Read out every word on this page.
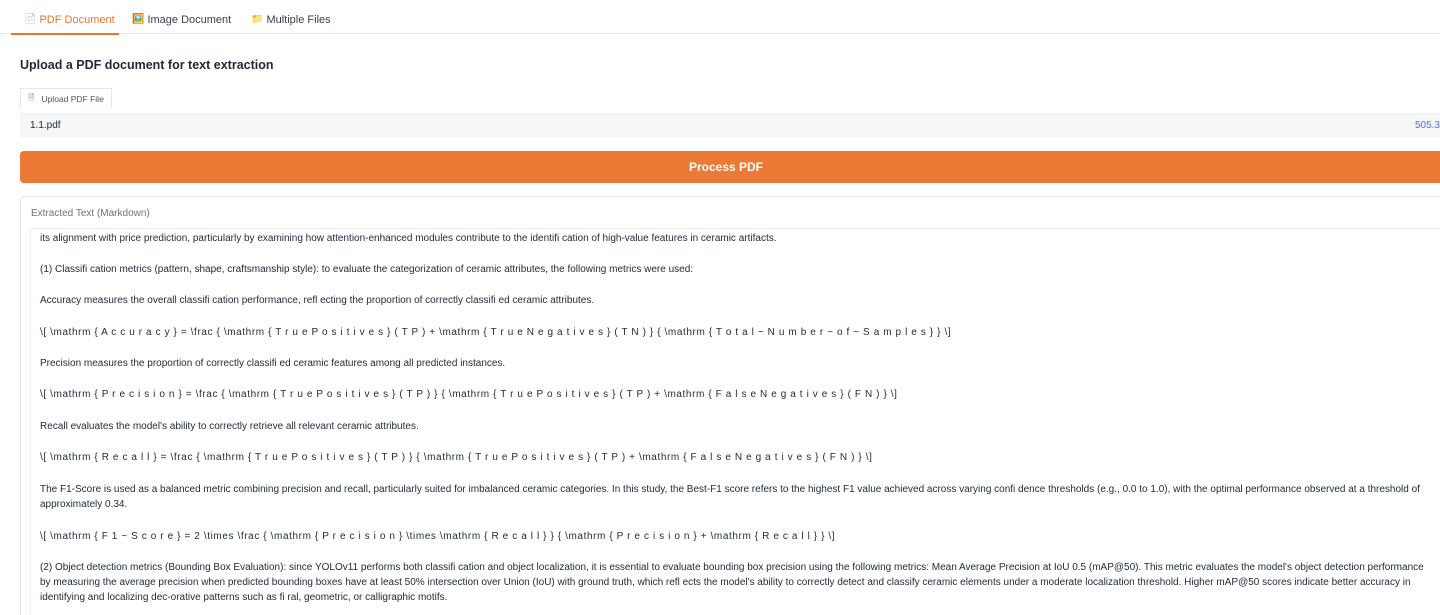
📄 PDF Document 🖼️ Image Document 📁 Multiple Files
Upload a PDF document for text extraction
🗎 Upload PDF File
1.1.pdf	505.3
Process PDF
Extracted Text (Markdown)
its alignment with price prediction, particularly by examining how attention-enhanced modules contribute to the identifi cation of high-value features in ceramic artifacts.
(1) Classifi cation metrics (pattern, shape, craftsmanship style): to evaluate the categorization of ceramic attributes, the following metrics were used:
Accuracy measures the overall classifi cation performance, refl ecting the proportion of correctly classifi ed ceramic attributes.
\[ \mathrm { A c c u r a c y } = \frac { \mathrm { T r u e P o s i t i v e s } ( T P ) + \mathrm { T r u e N e g a t i v e s } ( T N ) } { \mathrm { T o t a l ~ N u m b e r ~ o f ~ S a m p l e s } } \]
Precision measures the proportion of correctly classifi ed ceramic features among all predicted instances.
\[ \mathrm { P r e c i s i o n } = \frac { \mathrm { T r u e P o s i t i v e s } ( T P ) } { \mathrm { T r u e P o s i t i v e s } ( T P ) + \mathrm { F a l s e N e g a t i v e s } ( F N ) } \]
Recall evaluates the model's ability to correctly retrieve all relevant ceramic attributes.
\[ \mathrm { R e c a l l } = \frac { \mathrm { T r u e P o s i t i v e s } ( T P ) } { \mathrm { T r u e P o s i t i v e s } ( T P ) + \mathrm { F a l s e N e g a t i v e s } ( F N ) } \]
The F1-Score is used as a balanced metric combining precision and recall, particularly suited for imbalanced ceramic categories. In this study, the Best-F1 score refers to the highest F1 value achieved across varying confi dence thresholds (e.g., 0.0 to 1.0), with the optimal performance observed at a threshold of approximately 0.34.
\[ \mathrm { F 1 ~ S c o r e } = 2 \times \frac { \mathrm { P r e c i s i o n } \times \mathrm { R e c a l l } } { \mathrm { P r e c i s i o n } + \mathrm { R e c a l l } } \]
(2) Object detection metrics (Bounding Box Evaluation): since YOLOv11 performs both classifi cation and object localization, it is essential to evaluate bounding box precision using the following metrics: Mean Average Precision at IoU 0.5 (mAP@50). This metric evaluates the model's object detection performance by measuring the average precision when predicted bounding boxes have at least 50% intersection over Union (IoU) with ground truth, which refl ects the model's ability to correctly detect and classify ceramic elements under a moderate localization threshold. Higher mAP@50 scores indicate better accuracy in identifying and localizing dec-orative patterns such as fi ral, geometric, or calligraphic motifs.
